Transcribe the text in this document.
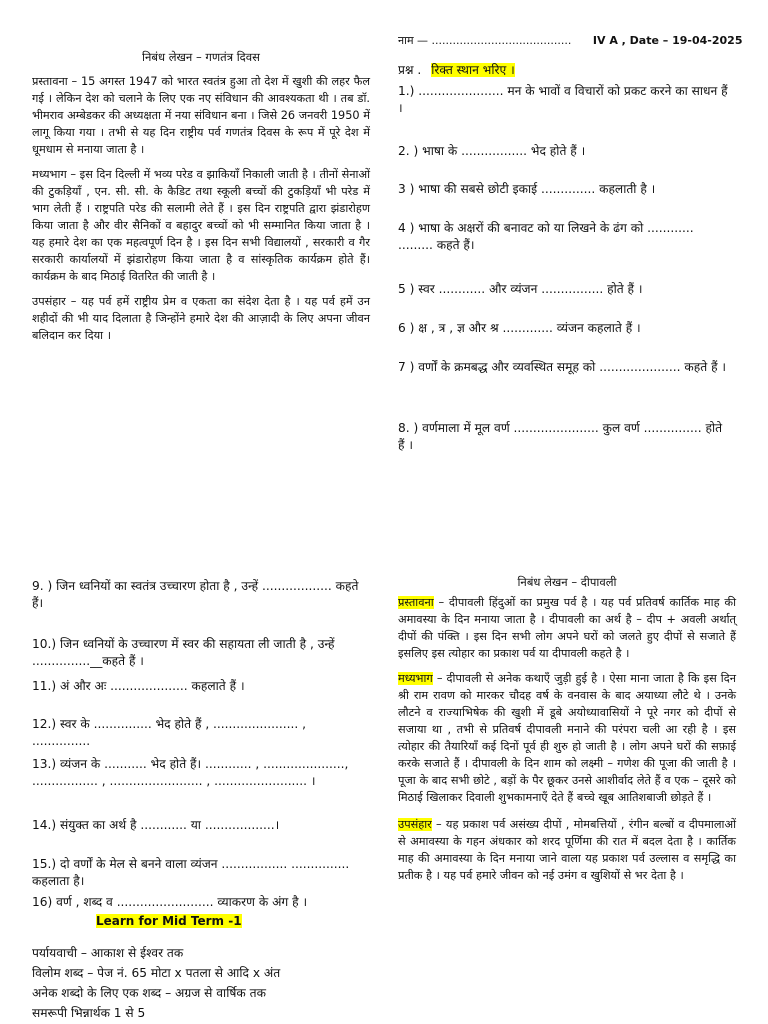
नाम — ........................................ IV A , Date – 19-04-2025

निबंध लेखन – गणतंत्र दिवस

प्रस्तावना – 15 अगस्त 1947 को भारत स्वतंत्र हुआ तो देश में खुशी की लहर फैल गई । लेकिन देश को चलाने के लिए एक नए संविधान की आवश्यकता थी । तब डॉ. भीमराव अम्बेडकर की अध्यक्षता में नया संविधान बना । जिसे 26 जनवरी 1950 में लागू किया गया । तभी से यह दिन राष्ट्रीय पर्व गणतंत्र दिवस के रूप में पूरे देश में धूमधाम से मनाया जाता है ।

मध्यभाग – इस दिन दिल्ली में भव्य परेड व झाकियाँ निकाली जाती है । तीनों सेनाओं की टुकड़ियाँ , एन. सी. सी. के कैडिट तथा स्कूली बच्चों की टुकड़ियाँ भी परेड में भाग लेती हैं । राष्ट्रपति परेड की सलामी लेते हैं । इस दिन राष्ट्रपति द्वारा झंडारोहण किया जाता है और वीर सैनिकों व बहादुर बच्चों को भी सम्मानित किया जाता है । यह हमारे देश का एक महत्वपूर्ण दिन है । इस दिन सभी विद्यालयों , सरकारी व गैर सरकारी कार्यालयों में झंडारोहण किया जाता है व सांस्कृतिक कार्यक्रम होते हैं। कार्यक्रम के बाद मिठाई वितरित की जाती है ।

उपसंहार – यह पर्व हमें राष्ट्रीय प्रेम व एकता का संदेश देता है । यह पर्व हमें उन शहीदों की भी याद दिलाता है जिन्होंने हमारे देश की आज़ादी के लिए अपना जीवन बलिदान कर दिया ।

प्रश्न . रिक्त स्थान भरिए ।
1.) ...................... मन के भावों व विचारों को प्रकट करने का साधन हैं ।
2. ) भाषा के ................. भेद होते हैं ।
3 ) भाषा की सबसे छोटी इकाई .............. कहलाती है ।
4 ) भाषा के अक्षरों की बनावट को या लिखने के ढंग को ............ ......... कहते हैं।
5 ) स्वर ............ और व्यंजन ................ होते हैं ।
6 ) क्ष , त्र , ज्ञ और श्र ............. व्यंजन कहलाते हैं ।
7 ) वर्णों के क्रमबद्ध और व्यवस्थित समूह को ..................... कहते हैं ।
8. ) वर्णमाला में मूल वर्ण ...................... कुल वर्ण ............... होते हैं ।
9. ) जिन ध्वनियों का स्वतंत्र उच्चारण होता है , उन्हें .................. कहते हैं।
10.) जिन ध्वनियों के उच्चारण में स्वर की सहायता ली जाती है , उन्हें ...............__कहते हैं ।
11.) अं और अः .................... कहलाते हैं ।
12.) स्वर के ............... भेद होते हैं , ...................... , ...............
13.) व्यंजन के ........... भेद होते हैं। ............ , ....................., ................. , ........................ , ........................ ।
14.) संयुक्त का अर्थ है ............ या ..................।
15.) दो वर्णों के मेल से बनने वाला व्यंजन ................. ............... कहलाता है।
16) वर्ण , शब्द व ......................... व्याकरण के अंग है ।
Learn for Mid Term -1
पर्यायवाची – आकाश से ईश्वर तक
विलोम शब्द – पेज नं. 65 मोटा x पतला से आदि x अंत
अनेक शब्दो के लिए एक शब्द – अग्रज से वार्षिक तक
समरूपी भिन्नार्थक 1 से 5

निबंध लेखन – दीपावली

प्रस्तावना – दीपावली हिंदुओं का प्रमुख पर्व है । यह पर्व प्रतिवर्ष कार्तिक माह की अमावस्या के दिन मनाया जाता है । दीपावली का अर्थ है – दीप + अवली अर्थात् दीपों की पंक्ति । इस दिन सभी लोग अपने घरों को जलते हुए दीपों से सजाते हैं इसलिए इस त्योहार का प्रकाश पर्व या दीपावली कहते है ।

मध्यभाग – दीपावली से अनेक कथाएँ जुड़ी हुई है । ऐसा माना जाता है कि इस दिन श्री राम रावण को मारकर चौदह वर्ष के वनवास के बाद अयाध्या लौटे थे । उनके लौटने व राज्याभिषेक की खुशी में डूबे अयोध्यावासियों ने पूरे नगर को दीपों से सजाया था , तभी से प्रतिवर्ष दीपावली मनाने की परंपरा चली आ रही है । इस त्योहार की तैयारियाँ कई दिनों पूर्व ही शुरु हो जाती है । लोग अपने घरों की सफ़ाई करके सजाते हैं । दीपावली के दिन शाम को लक्ष्मी – गणेश की पूजा की जाती है । पूजा के बाद सभी छोटे , बड़ों के पैर छूकर उनसे आशीर्वाद लेते हैं व एक – दूसरे को मिठाई खिलाकर दिवाली शुभकामनाएँ देते हैं बच्चे खूब आतिशबाजी छोड़ते हैं ।

उपसंहार – यह प्रकाश पर्व असंख्य दीपों , मोमबत्तियों , रंगीन बल्बों व दीपमालाओं से अमावस्या के गहन अंधकार को शरद पूर्णिमा की रात में बदल देता है । कार्तिक माह की अमावस्या के दिन मनाया जाने वाला यह प्रकाश पर्व उल्लास व समृद्धि का प्रतीक है । यह पर्व हमारे जीवन को नई उमंग व खुशियों से भर देता है ।
